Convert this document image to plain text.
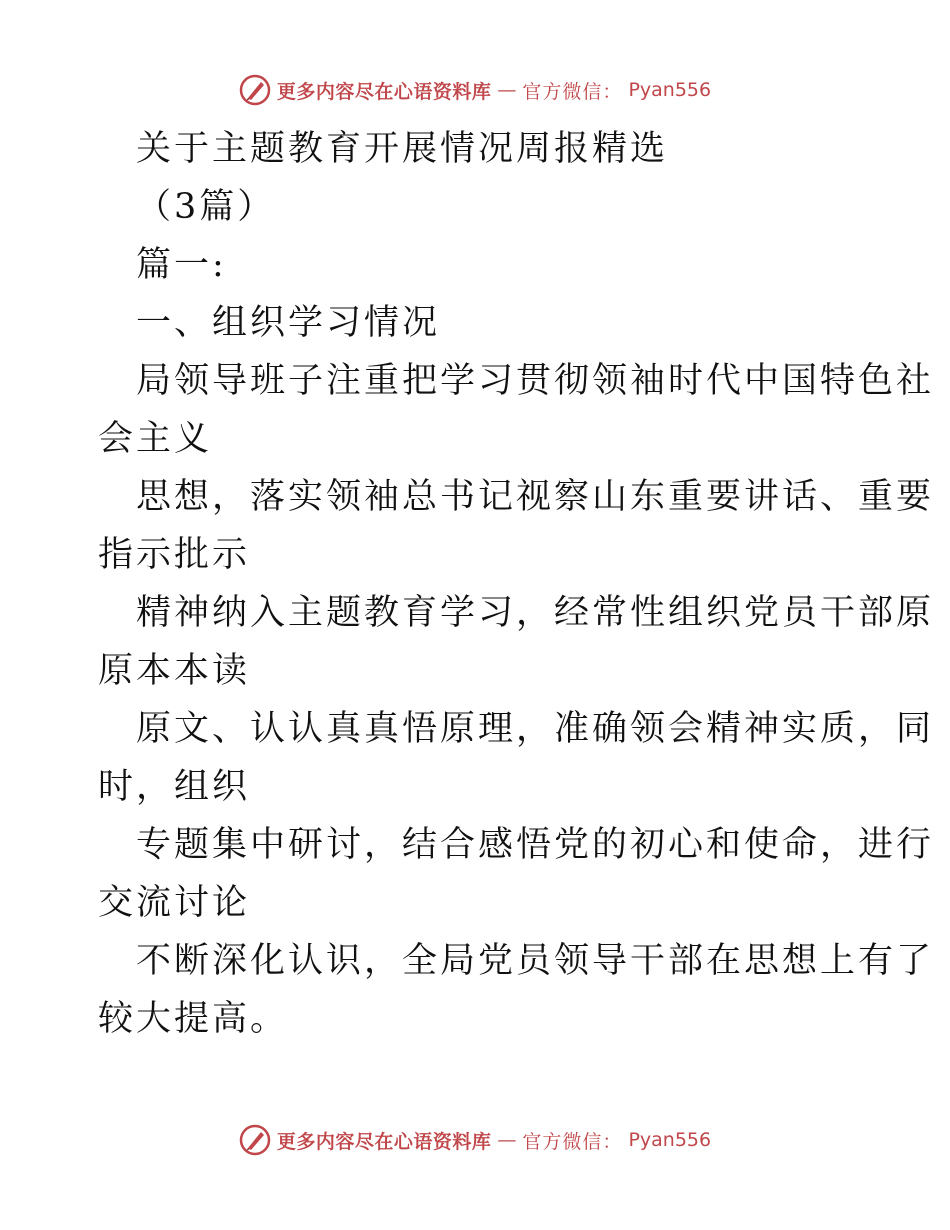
更多内容尽在心语资料库 — 官方微信： Pyan556
关于主题教育开展情况周报精选
（3篇）
篇一:
一、组织学习情况
局领导班子注重把学习贯彻领袖时代中国特色社
会主义
思想，落实领袖总书记视察山东重要讲话、重要
指示批示
精神纳入主题教育学习，经常性组织党员干部原
原本本读
原文、认认真真悟原理，准确领会精神实质，同
时，组织
专题集中研讨，结合感悟党的初心和使命，进行
交流讨论
不断深化认识，全局党员领导干部在思想上有了
较大提高。
更多内容尽在心语资料库 — 官方微信： Pyan556
